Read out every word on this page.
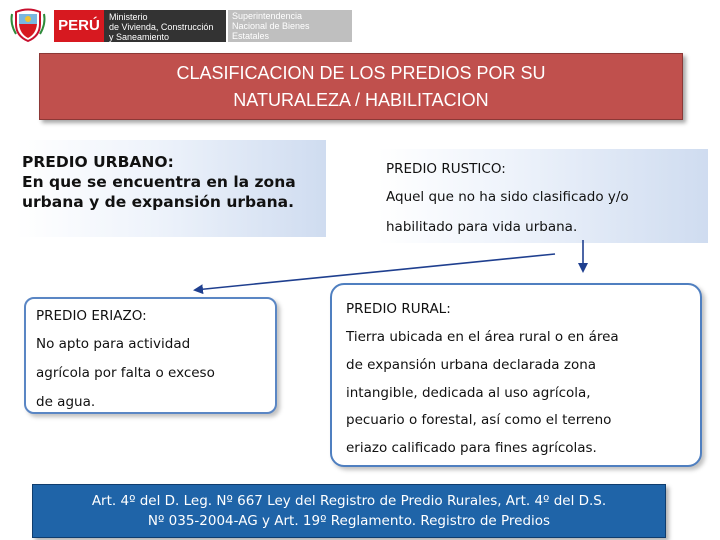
PERÚ	Ministerio
de Vivienda, Construcción
y Saneamiento
Superintendencia
Nacional de Bienes
Estatales
CLASIFICACION DE LOS PREDIOS POR SU
NATURALEZA / HABILITACION
PREDIO URBANO:
En que se encuentra en la zona
urbana y de expansión urbana.
PREDIO RUSTICO:
Aquel que no ha sido clasificado y/o
habilitado para vida urbana.
PREDIO ERIAZO:
No apto para actividad
agrícola por falta o exceso
de agua.
PREDIO RURAL:
Tierra ubicada en el área rural o en área
de expansión urbana declarada zona
intangible, dedicada al uso agrícola,
pecuario o forestal, así como el terreno
eriazo calificado para fines agrícolas.
Art. 4º del D. Leg. Nº 667 Ley del Registro de Predio Rurales, Art. 4º del D.S.
Nº 035-2004-AG y Art. 19º Reglamento. Registro de Predios
